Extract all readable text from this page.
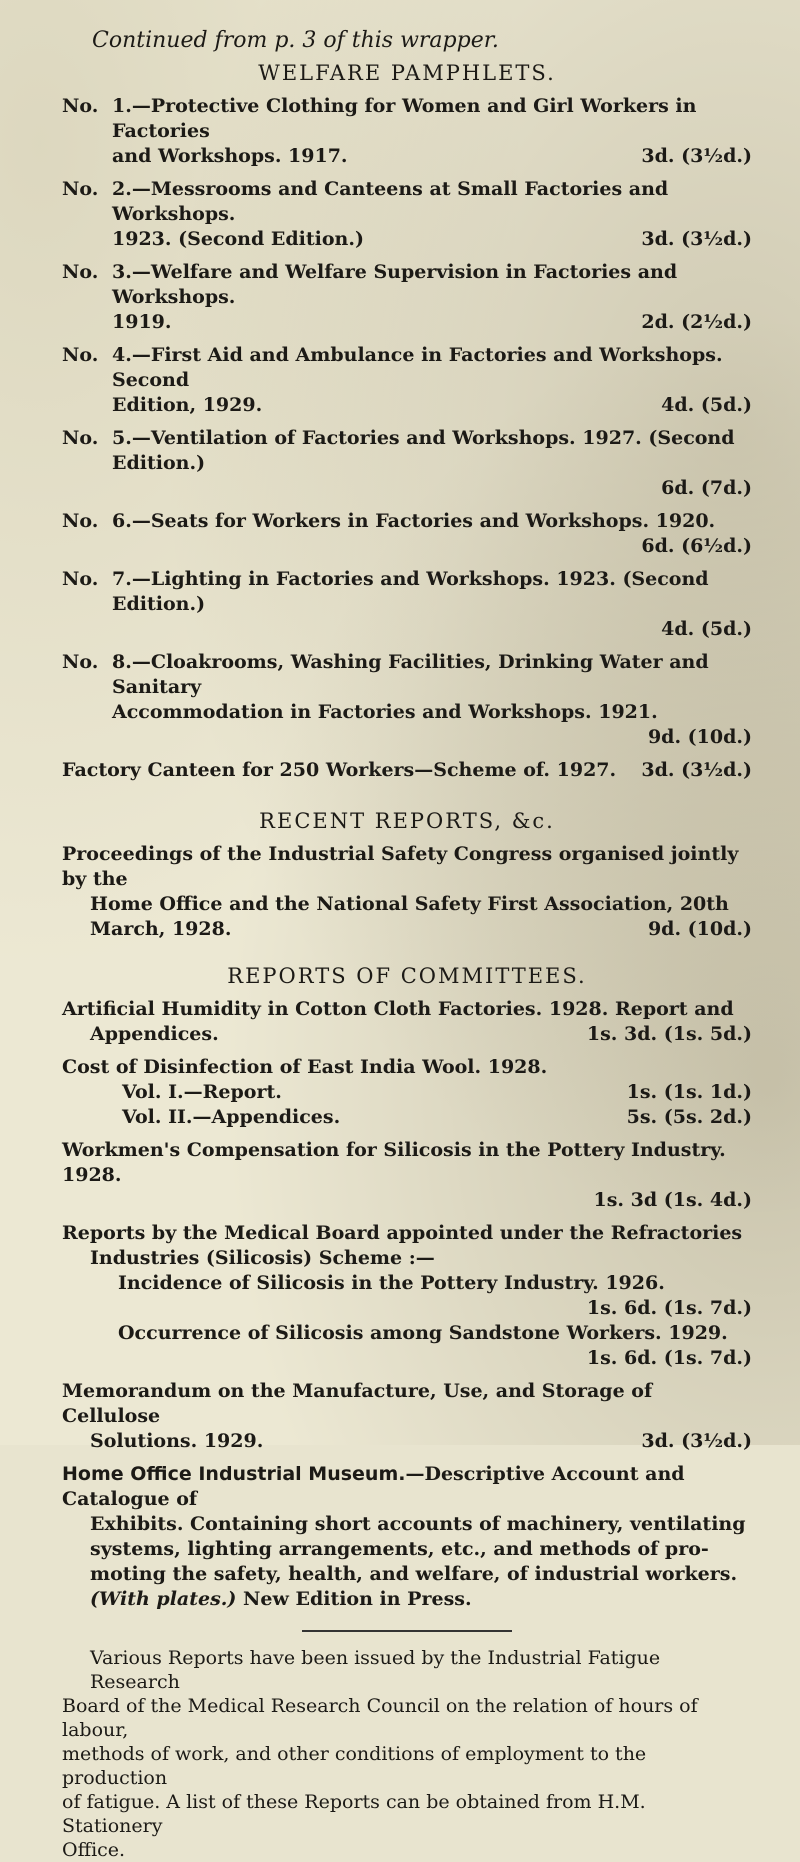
Continued from p. 3 of this wrapper.
WELFARE PAMPHLETS.
No. 1.—Protective Clothing for Women and Girl Workers in Factories
and Workshops. 1917.	3d. (3½d.)
No. 2.—Messrooms and Canteens at Small Factories and Workshops.
1923. (Second Edition.)	3d. (3½d.)
No. 3.—Welfare and Welfare Supervision in Factories and Workshops.
1919.	2d. (2½d.)
No. 4.—First Aid and Ambulance in Factories and Workshops. Second
Edition, 1929.	4d. (5d.)
No. 5.—Ventilation of Factories and Workshops. 1927. (Second Edition.)
6d. (7d.)
No. 6.—Seats for Workers in Factories and Workshops. 1920.
6d. (6½d.)
No. 7.—Lighting in Factories and Workshops. 1923. (Second Edition.)
4d. (5d.)
No. 8.—Cloakrooms, Washing Facilities, Drinking Water and Sanitary
Accommodation in Factories and Workshops. 1921.
9d. (10d.)
Factory Canteen for 250 Workers—Scheme of. 1927. 3d. (3½d.)
RECENT REPORTS, &c.
Proceedings of the Industrial Safety Congress organised jointly by the
Home Office and the National Safety First Association, 20th
March, 1928.	9d. (10d.)
REPORTS OF COMMITTEES.
Artificial Humidity in Cotton Cloth Factories. 1928. Report and
Appendices.	1s. 3d. (1s. 5d.)
Cost of Disinfection of East India Wool. 1928.
Vol. I.—Report.	1s. (1s. 1d.)
Vol. II.—Appendices.	5s. (5s. 2d.)
Workmen's Compensation for Silicosis in the Pottery Industry. 1928.
1s. 3d (1s. 4d.)
Reports by the Medical Board appointed under the Refractories
Industries (Silicosis) Scheme :—
Incidence of Silicosis in the Pottery Industry. 1926.
1s. 6d. (1s. 7d.)
Occurrence of Silicosis among Sandstone Workers. 1929.
1s. 6d. (1s. 7d.)
Memorandum on the Manufacture, Use, and Storage of Cellulose
Solutions. 1929.	3d. (3½d.)
Home Office Industrial Museum.—Descriptive Account and Catalogue of
Exhibits. Containing short accounts of machinery, ventilating
systems, lighting arrangements, etc., and methods of pro-
moting the safety, health, and welfare, of industrial workers.
(With plates.) New Edition in Press.
Various Reports have been issued by the Industrial Fatigue Research
Board of the Medical Research Council on the relation of hours of labour,
methods of work, and other conditions of employment to the production
of fatigue. A list of these Reports can be obtained from H.M. Stationery
Office.
